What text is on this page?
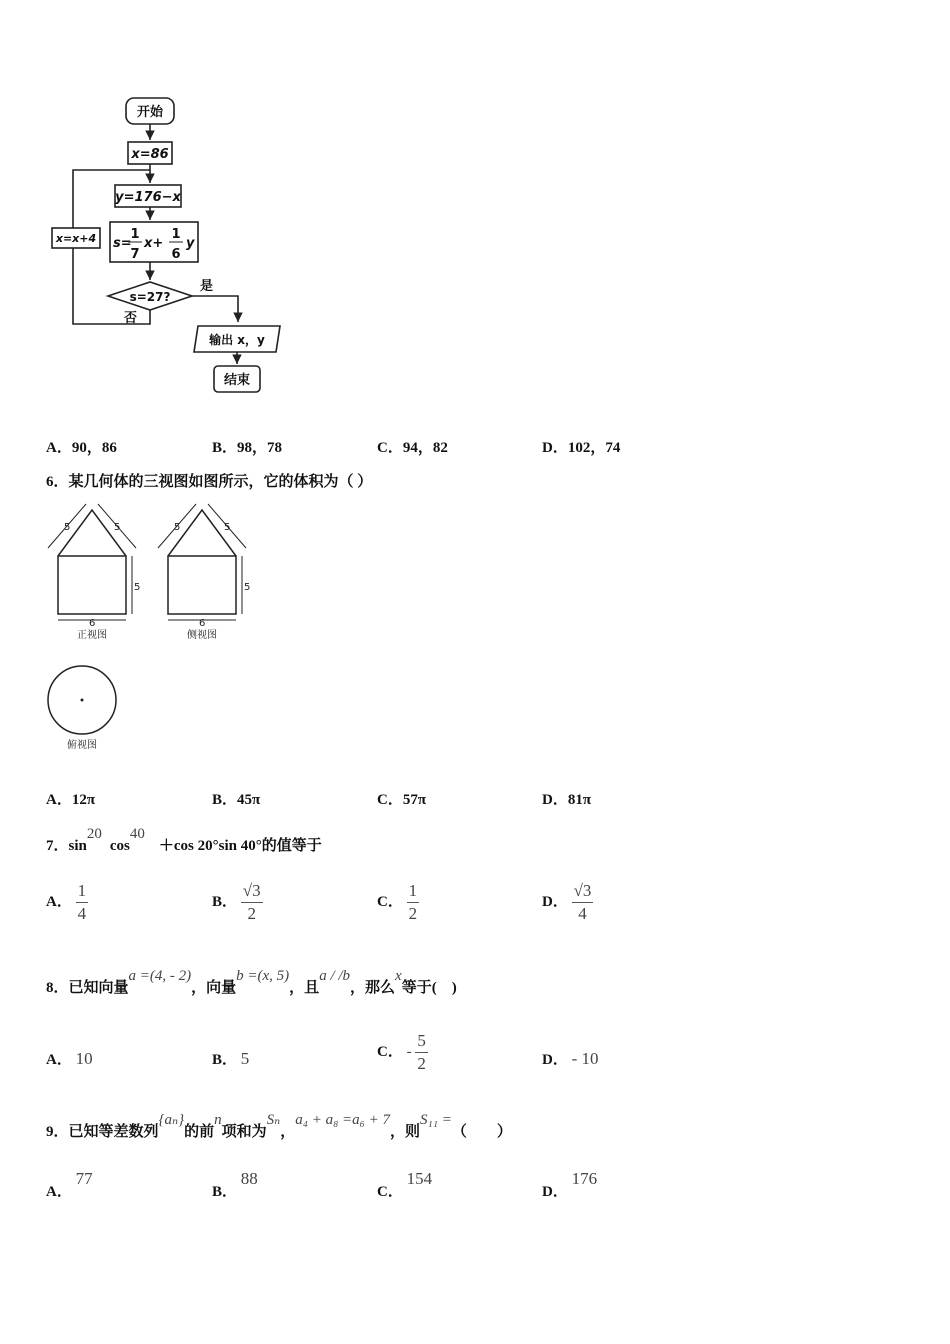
开始
x=86
y=176−x
s=
1
7
x+
1
6
y
s=27?
是
否
x=x+4
输出 x，y
结束
A．90，86	B．98，78	C．94，82	D．102，74
6．某几何体的三视图如图所示，它的体积为（ ）
5	5
5
6
正视图
5	5
5
6
侧视图
俯视图
A．12π	B．45π	C．57π	D．81π
7．sin20cos40＋cos 20°sin 40°的值等于
A． $\frac{1}{4}$	B． $\frac{√3}{2}$	C． $\frac{1}{2}$	D． $\frac{√3}{4}$
8．已知向量a =(4, - 2)，向量b =(x, 5)，且a / /b，那么x等于(　)
A． 10	B． 5	C． - $\frac{5}{2}$	D． - 10
9．已知等差数列{aₙ}的前n项和为Sₙ，a₄ + a₈ =a₆ + 7，则S₁₁ =（　　）
A． 77
B． 88
C． 154
D． 176
